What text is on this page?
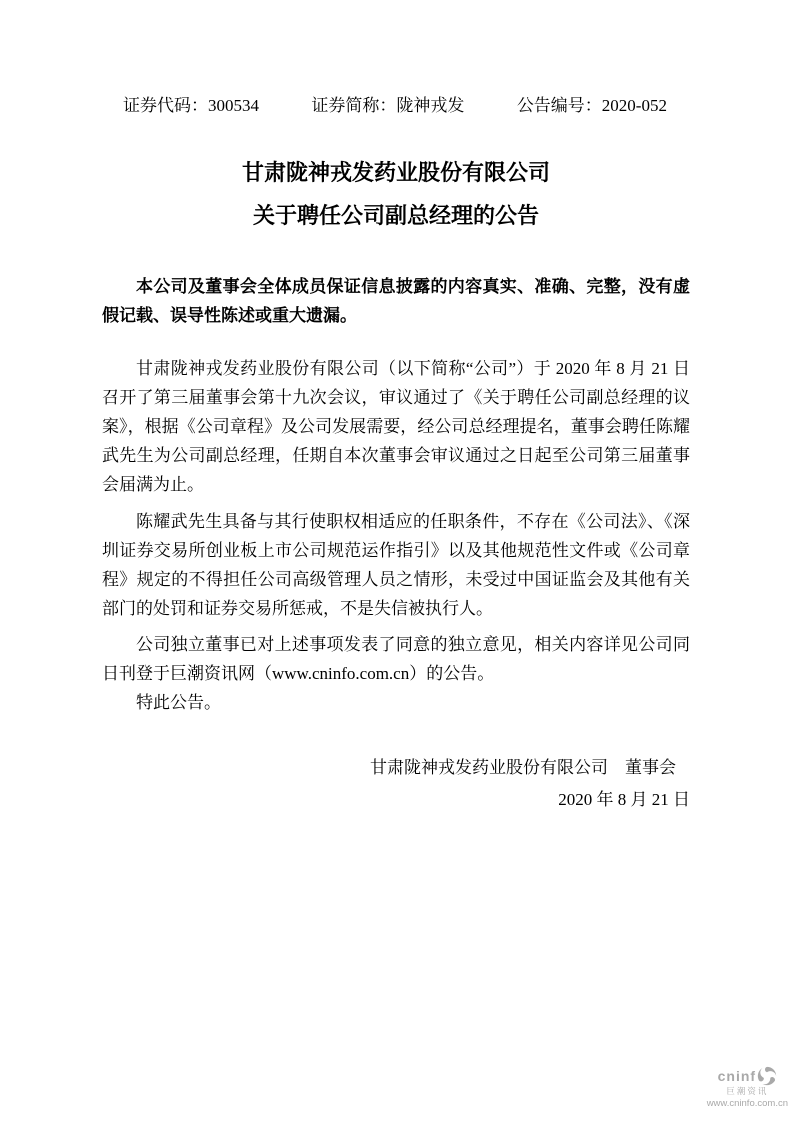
证券代码：300534	证券简称：陇神戎发	公告编号：2020-052
甘肃陇神戎发药业股份有限公司
关于聘任公司副总经理的公告

本公司及董事会全体成员保证信息披露的内容真实、准确、完整，没有虚假记载、误导性陈述或重大遗漏。

甘肃陇神戎发药业股份有限公司（以下简称“公司”）于 2020 年 8 月 21 日召开了第三届董事会第十九次会议，审议通过了《关于聘任公司副总经理的议案》，根据《公司章程》及公司发展需要，经公司总经理提名，董事会聘任陈耀武先生为公司副总经理，任期自本次董事会审议通过之日起至公司第三届董事会届满为止。

陈耀武先生具备与其行使职权相适应的任职条件，不存在《公司法》、《深圳证券交易所创业板上市公司规范运作指引》以及其他规范性文件或《公司章程》规定的不得担任公司高级管理人员之情形，未受过中国证监会及其他有关部门的处罚和证券交易所惩戒，不是失信被执行人。

公司独立董事已对上述事项发表了同意的独立意见，相关内容详见公司同日刊登于巨潮资讯网（www.cninfo.com.cn）的公告。

特此公告。

甘肃陇神戎发药业股份有限公司　董事会
2020 年 8 月 21 日
cninf
巨潮资讯
www.cninfo.com.cn
